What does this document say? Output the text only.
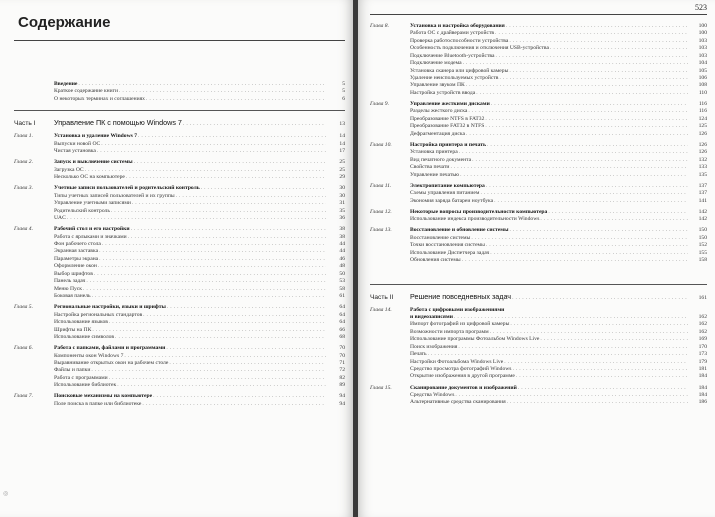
Содержание
Введение . . .	5
Краткое содержание книги . . .	5
О некоторых терминах и соглашениях . . .	6
Часть I	Управление ПК с помощью Windows 7 . . .	13
Глава 1.	Установка и удаление Windows 7 . . .	14
Выпуски новой ОС . . .	14
Чистая установка . . .	17
Глава 2.	Запуск и выключение системы . . .	25
Загрузка ОС . . .	25
Несколько ОС на компьютере . . .	29
Глава 3.	Учетные записи пользователей и родительский контроль . . .	30
Типы учетных записей пользователей и их группы . . .	30
Управление учетными записями . . .	31
Родительский контроль . . .	35
UAC . . .	36
Глава 4.	Рабочий стол и его настройки . . .	38
Работа с ярлыками и значками . . .	38
Фон рабочего стола . . .	44
Экранная заставка . . .	44
Параметры экрана . . .	46
Оформление окон . . .	48
Выбор шрифтов . . .	50
Панель задач . . .	53
Меню Пуск . . .	58
Боковая панель . . .	61
Глава 5.	Региональные настройки, языки и шрифты . . .	64
Настройка региональных стандартов . . .	64
Использование языков . . .	64
Шрифты на ПК . . .	66
Использование символов . . .	68
Глава 6.	Работа с папками, файлами и программами . . .	70
Компоненты окон Windows 7 . . .	70
Выравнивание открытых окон на рабочем столе . . .	71
Файлы и папки . . .	72
Работа с программами . . .	82
Использование библиотек . . .	89
Глава 7.	Поисковые механизмы на компьютере . . .	94
Поле поиска в папке или библиотеке . . .	94
◎
523
Глава 8.	Установка и настройка оборудования . . .	100
Работа ОС с драйверами устройств . . .	100
Проверка работоспособности устройства . . .	103
Особенность подключения и отключения USB-устройства . . .	103
Подключение Bluetooth-устройства . . .	103
Подключение модема . . .	104
Установка сканера или цифровой камеры . . .	105
Удаление неиспользуемых устройств . . .	106
Управление звуком ПК . . .	108
Настройка устройств ввода . . .	110
Глава 9.	Управление жесткими дисками . . .	116
Разделы жесткого диска . . .	116
Преобразование NTFS в FAT32 . . .	124
Преобразование FAT32 в NTFS . . .	125
Дефрагментация диска . . .	126
Глава 10.	Настройка принтера и печать . . .	126
Установка принтера . . .	126
Вид печатного документа . . .	132
Свойства печати . . .	133
Управление печатью . . .	135
Глава 11.	Электропитание компьютера . . .	137
Схемы управления питанием . . .	137
Экономия заряда батареи ноутбука . . .	141
Глава 12.	Некоторые вопросы производительности компьютера . . .	142
Использование индекса производительности Windows . . .	142
Глава 13.	Восстановление и обновление системы . . .	150
Восстановление системы . . .	150
Точки восстановления системы . . .	152
Использование Диспетчера задач . . .	155
Обновления системы . . .	158
Часть II	Решение повседневных задач . . .	161
Глава 14.	Работа с цифровыми изображениями
и видеозаписями . . .	162
Импорт фотографий из цифровой камеры . . .	162
Возможности импорта программ . . .	162
Использование программы Фотоальбом Windows Live . . .	169
Поиск изображения . . .	170
Печать . . .	173
Настройки Фотоальбома Windows Live . . .	179
Средство просмотра фотографий Windows . . .	181
Открытие изображения в другой программе . . .	184
Глава 15.	Сканирование документов и изображений . . .	184
Средства Windows . . .	184
Альтернативные средства сканирования . . .	186
